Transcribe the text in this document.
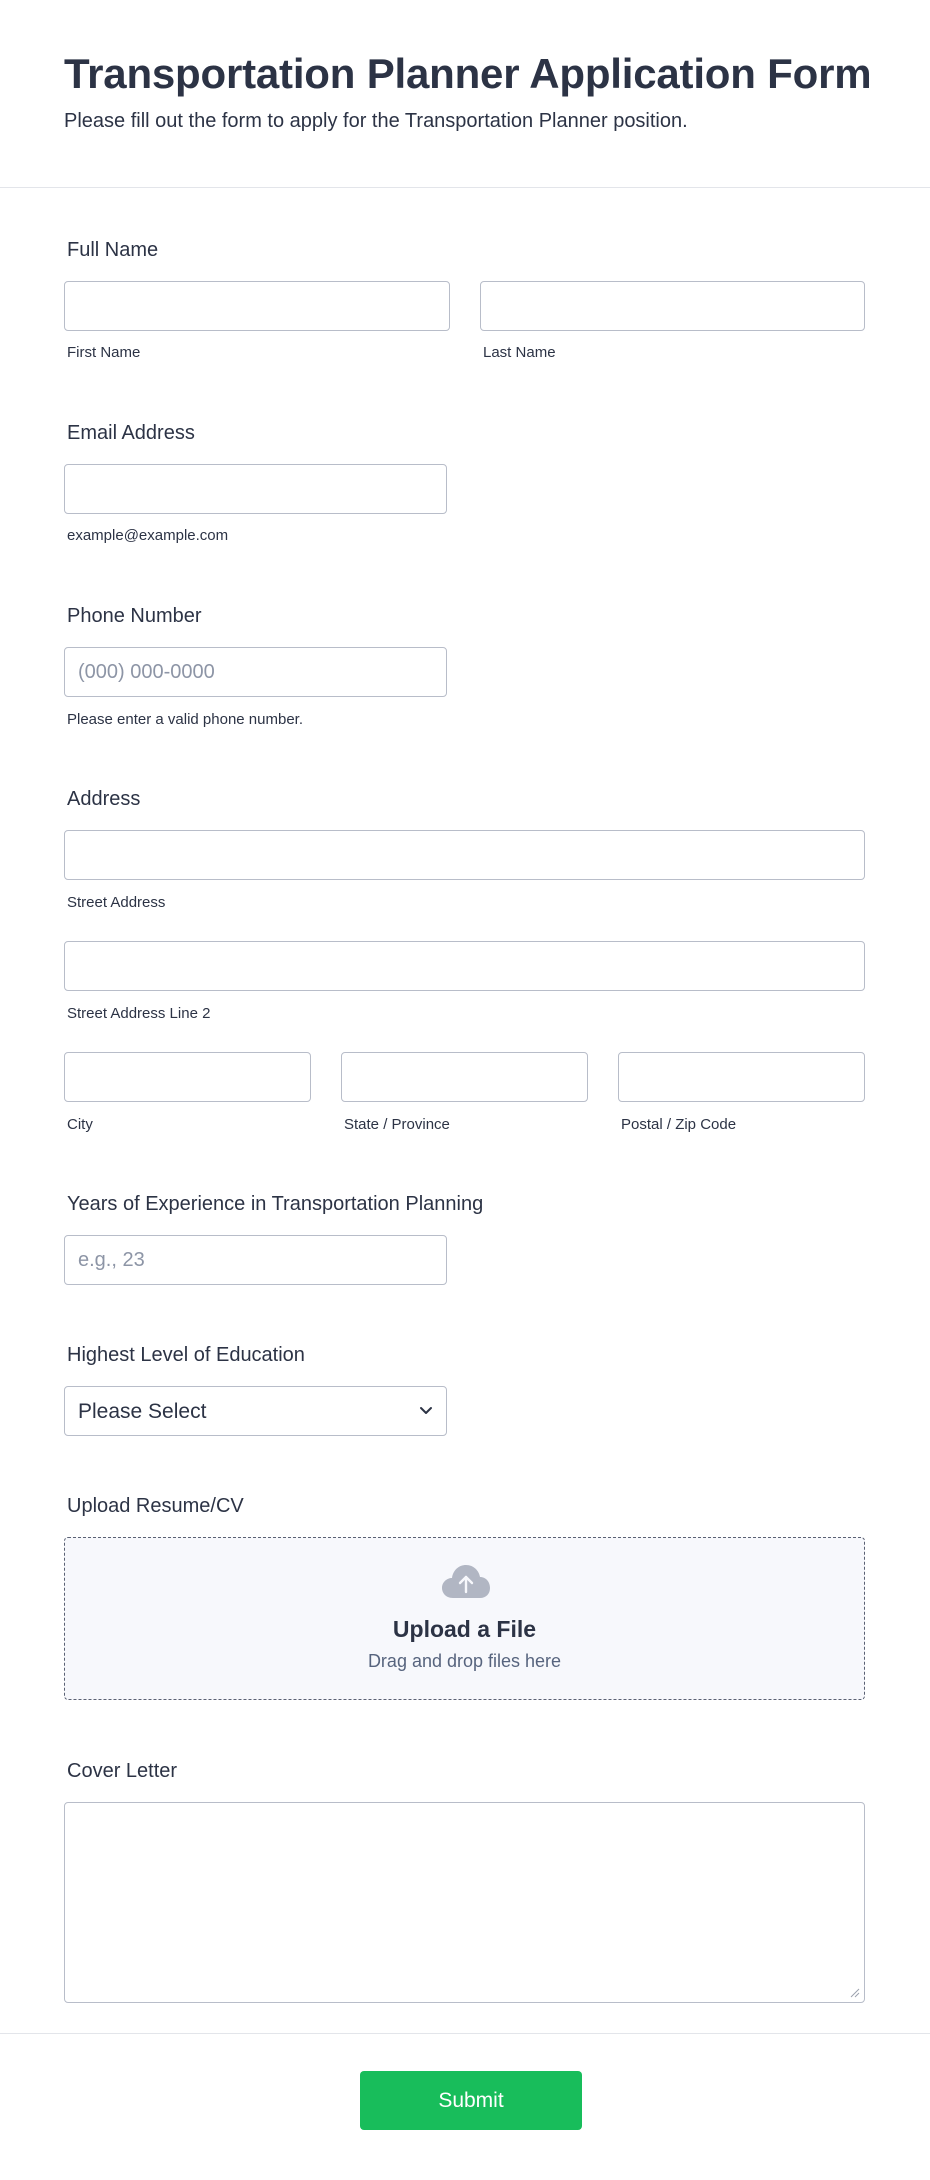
Transportation Planner Application Form
Please fill out the form to apply for the Transportation Planner position.
Full Name
First Name	Last Name
Email Address
example@example.com
Phone Number
(000) 000-0000
Please enter a valid phone number.
Address
Street Address
Street Address Line 2
City	State / Province	Postal / Zip Code
Years of Experience in Transportation Planning
e.g., 23
Highest Level of Education
Please Select
Upload Resume/CV
Upload a File
Drag and drop files here
Cover Letter
Submit
